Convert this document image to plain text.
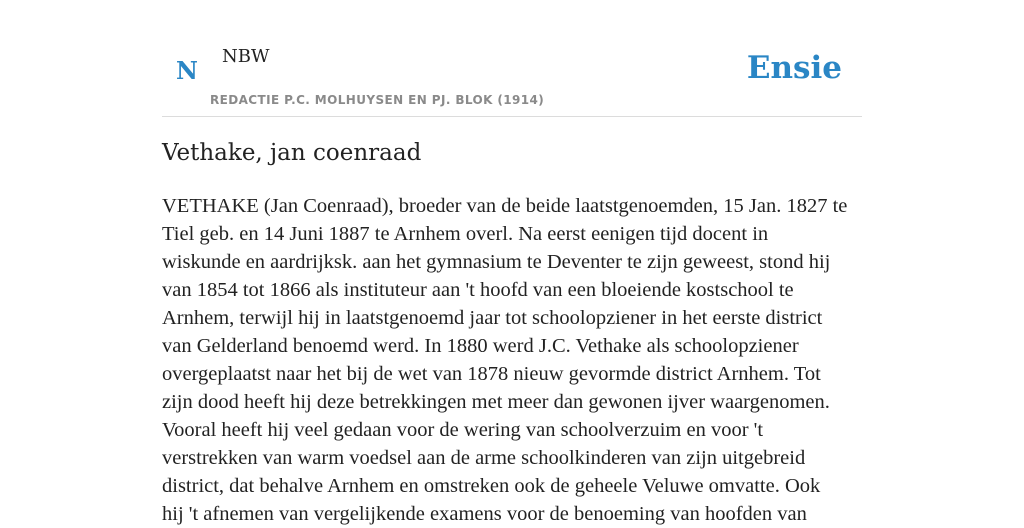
N NBW
REDACTIE P.C. MOLHUYSEN EN PJ. BLOK (1914)
Ensie
Vethake, jan coenraad

VETHAKE (Jan Coenraad), broeder van de beide laatstgenoemden, 15 Jan. 1827 te
Tiel geb. en 14 Juni 1887 te Arnhem overl. Na eerst eenigen tijd docent in
wiskunde en aardrijksk. aan het gymnasium te Deventer te zijn geweest, stond hij
van 1854 tot 1866 als instituteur aan 't hoofd van een bloeiende kostschool te
Arnhem, terwijl hij in laatstgenoemd jaar tot schoolopziener in het eerste district
van Gelderland benoemd werd. In 1880 werd J.C. Vethake als schoolopziener
overgeplaatst naar het bij de wet van 1878 nieuw gevormde district Arnhem. Tot
zijn dood heeft hij deze betrekkingen met meer dan gewonen ijver waargenomen.
Vooral heeft hij veel gedaan voor de wering van schoolverzuim en voor 't
verstrekken van warm voedsel aan de arme schoolkinderen van zijn uitgebreid
district, dat behalve Arnhem en omstreken ook de geheele Veluwe omvatte. Ook
hij 't afnemen van vergelijkende examens voor de benoeming van hoofden van
